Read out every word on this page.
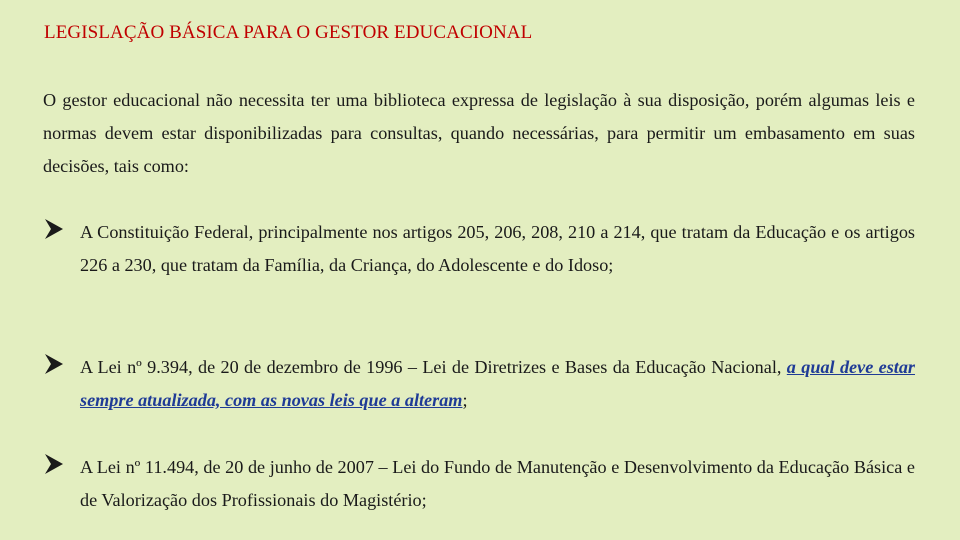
LEGISLAÇÃO BÁSICA PARA O GESTOR EDUCACIONAL
O gestor educacional não necessita ter uma biblioteca expressa de legislação à sua disposição, porém algumas leis e normas devem estar disponibilizadas para consultas, quando necessárias, para permitir um embasamento em suas decisões, tais como:
A Constituição Federal, principalmente nos artigos 205, 206, 208, 210 a 214, que tratam da Educação e os artigos 226 a 230, que tratam da Família, da Criança, do Adolescente e do Idoso;
A Lei nº 9.394, de 20 de dezembro de 1996 – Lei de Diretrizes e Bases da Educação Nacional, a qual deve estar sempre atualizada, com as novas leis que a alteram;
A Lei nº 11.494, de 20 de junho de 2007 – Lei do Fundo de Manutenção e Desenvolvimento da Educação Básica e de Valorização dos Profissionais do Magistério;
